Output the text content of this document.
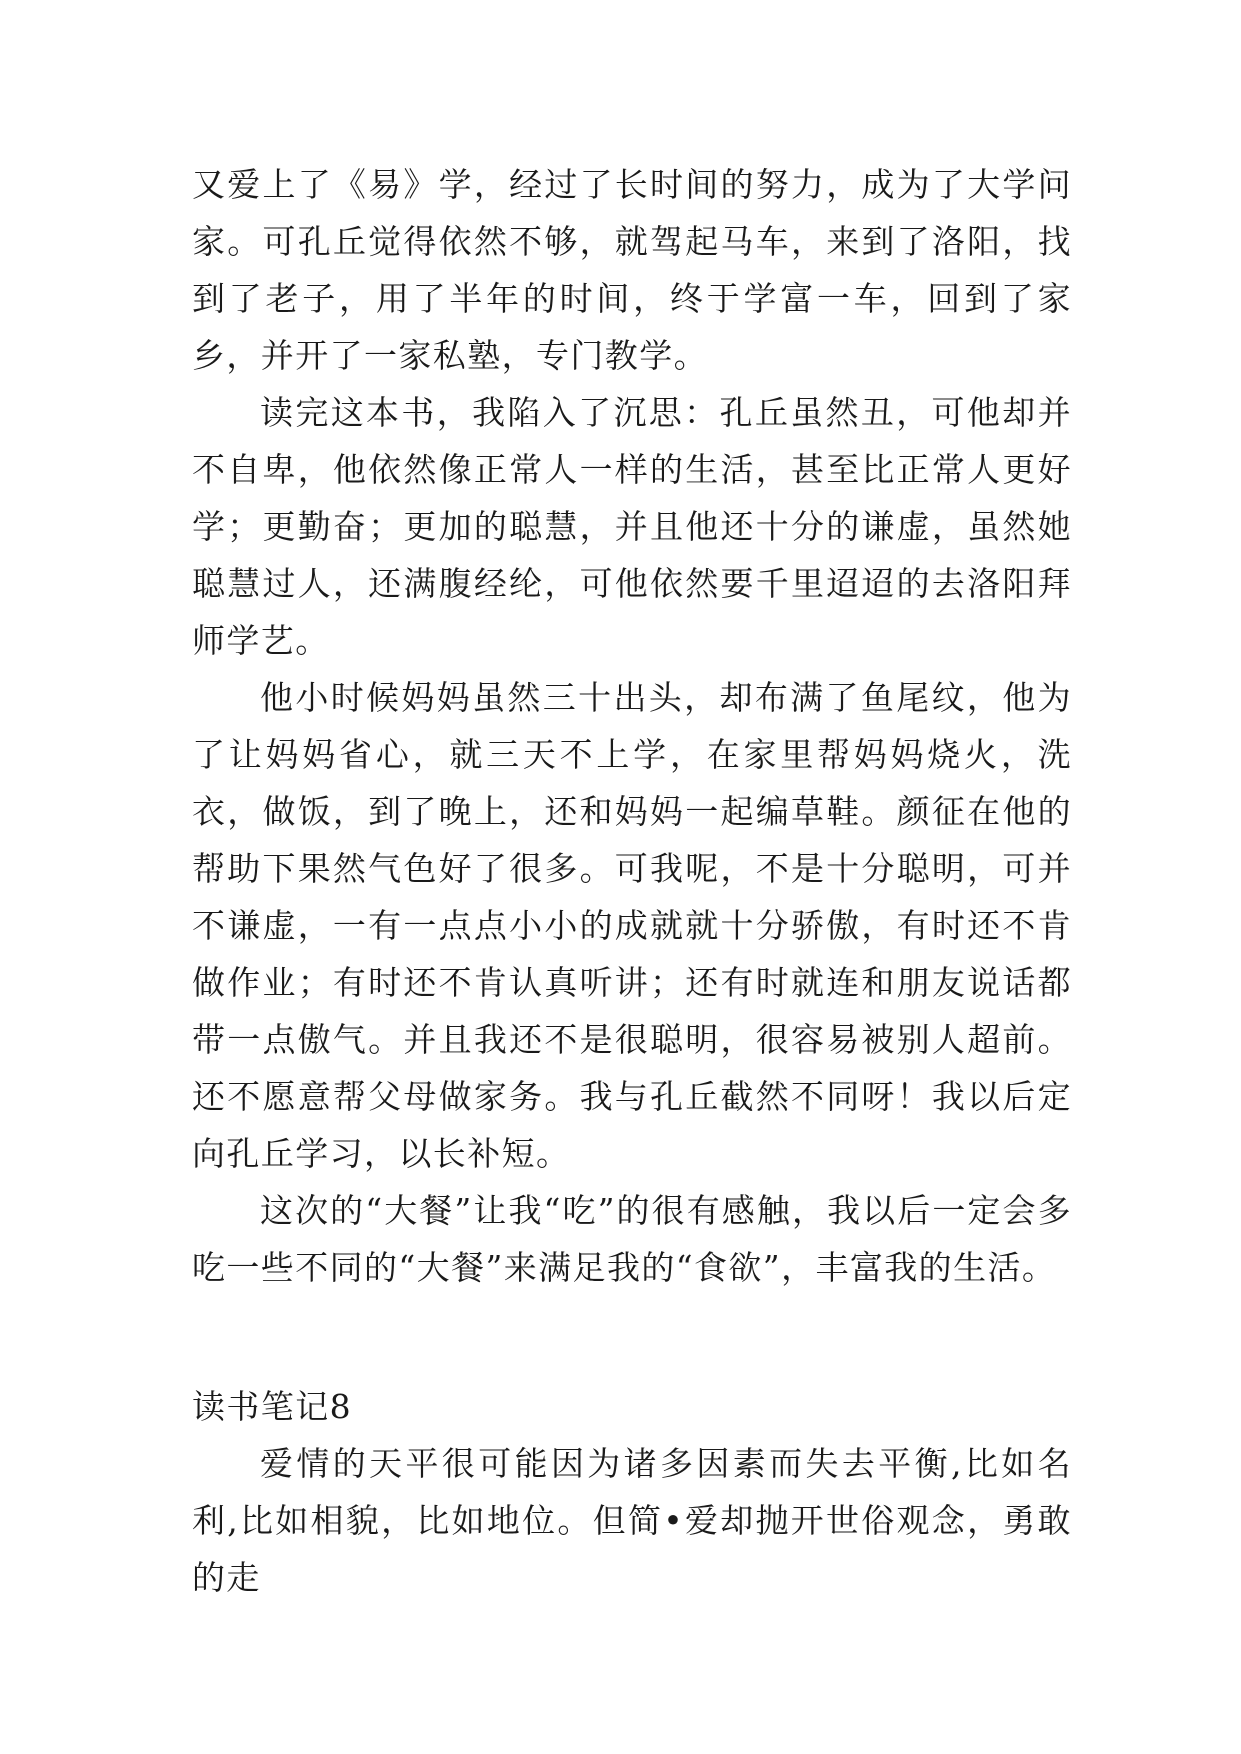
又爱上了《易》学，经过了长时间的努力，成为了大学问家。可孔丘觉得依然不够，就驾起马车，来到了洛阳，找到了老子，用了半年的时间，终于学富一车，回到了家乡，并开了一家私塾，专门教学。

读完这本书，我陷入了沉思：孔丘虽然丑，可他却并不自卑，他依然像正常人一样的生活，甚至比正常人更好学；更勤奋；更加的聪慧，并且他还十分的谦虚，虽然她聪慧过人，还满腹经纶，可他依然要千里迢迢的去洛阳拜师学艺。

他小时候妈妈虽然三十出头，却布满了鱼尾纹，他为了让妈妈省心，就三天不上学，在家里帮妈妈烧火，洗衣，做饭，到了晚上，还和妈妈一起编草鞋。颜征在他的帮助下果然气色好了很多。可我呢，不是十分聪明，可并不谦虚，一有一点点小小的成就就十分骄傲，有时还不肯做作业；有时还不肯认真听讲；还有时就连和朋友说话都带一点傲气。并且我还不是很聪明，很容易被别人超前。还不愿意帮父母做家务。我与孔丘截然不同呀！我以后定向孔丘学习，以长补短。

这次的“大餐”让我“吃”的很有感触，我以后一定会多吃一些不同的“大餐”来满足我的“食欲”，丰富我的生活。

读书笔记8

爱情的天平很可能因为诸多因素而失去平衡,比如名利,比如相貌，比如地位。但简•爱却抛开世俗观念，勇敢的走
